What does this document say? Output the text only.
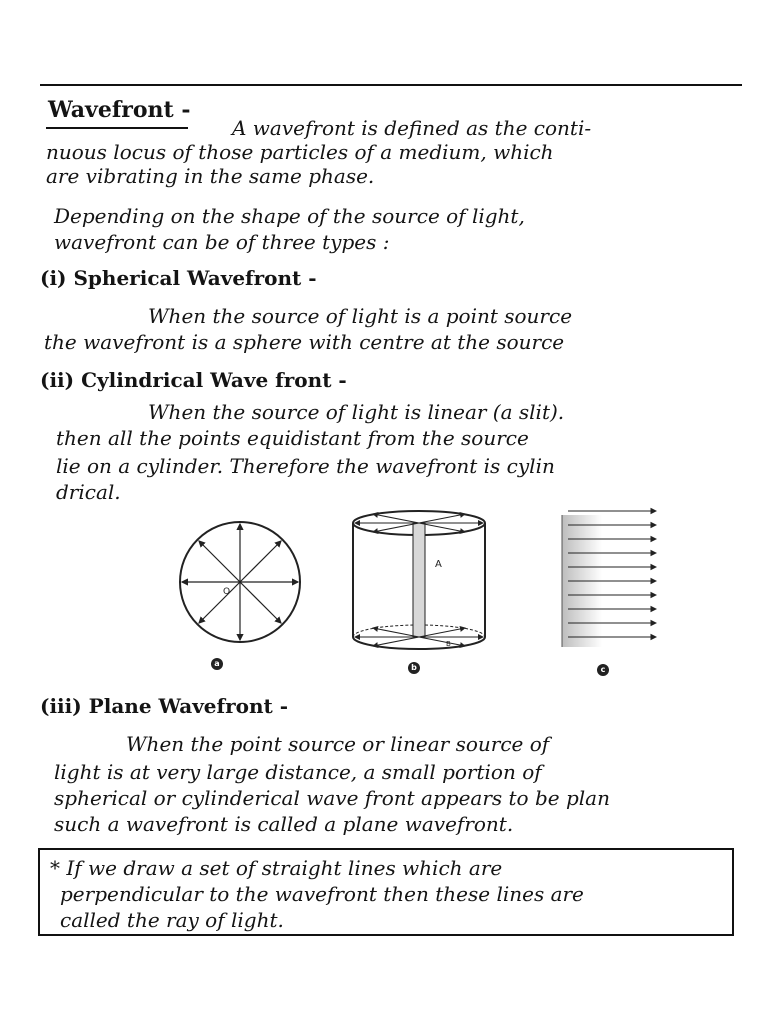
Wavefront -
A wavefront is defined as the conti-
nuous locus of those particles of a medium, which
are vibrating in the same phase.
Depending on the shape of the source of light,
wavefront can be of three types :
(i) Spherical Wavefront -
When the source of light is a point source
the wavefront is a sphere with centre at the source
(ii) Cylindrical Wave front -
When the source of light is linear (a slit).
then all the points equidistant from the source
lie on a cylinder. Therefore the wavefront is cylin
drical.
O
A
B
a	b	c
(iii) Plane Wavefront -
When the point source or linear source of
light is at very large distance, a small portion of
spherical or cylinderical wave front appears to be plan
such a wavefront is called a plane wavefront.
* If we draw a set of straight lines which are
perpendicular to the wavefront then these lines are
called the ray of light.
